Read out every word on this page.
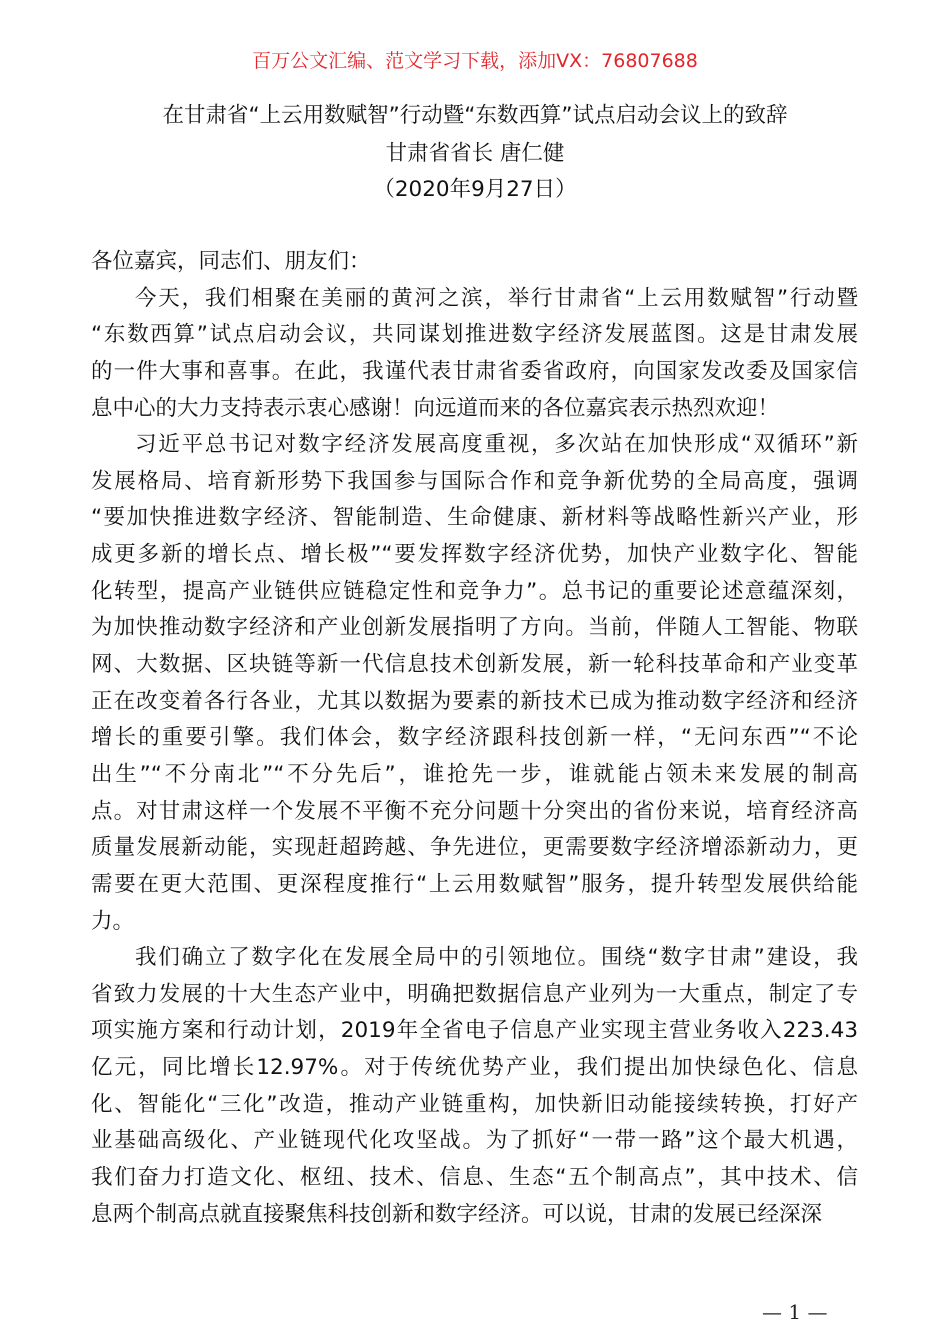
百万公文汇编、范文学习下载，添加VX：76807688
在甘肃省“上云用数赋智”行动暨“东数西算”试点启动会议上的致辞
甘肃省省长 唐仁健
（2020年9月27日）
各位嘉宾，同志们、朋友们：
今天，我们相聚在美丽的黄河之滨，举行甘肃省“上云用数赋智”行动暨
“东数西算”试点启动会议，共同谋划推进数字经济发展蓝图。这是甘肃发展
的一件大事和喜事。在此，我谨代表甘肃省委省政府，向国家发改委及国家信
息中心的大力支持表示衷心感谢！向远道而来的各位嘉宾表示热烈欢迎！
习近平总书记对数字经济发展高度重视，多次站在加快形成“双循环”新
发展格局、培育新形势下我国参与国际合作和竞争新优势的全局高度，强调
“要加快推进数字经济、智能制造、生命健康、新材料等战略性新兴产业，形
成更多新的增长点、增长极”“要发挥数字经济优势，加快产业数字化、智能
化转型，提高产业链供应链稳定性和竞争力”。总书记的重要论述意蕴深刻，
为加快推动数字经济和产业创新发展指明了方向。当前，伴随人工智能、物联
网、大数据、区块链等新一代信息技术创新发展，新一轮科技革命和产业变革
正在改变着各行各业，尤其以数据为要素的新技术已成为推动数字经济和经济
增长的重要引擎。我们体会，数字经济跟科技创新一样，“无问东西”“不论
出生”“不分南北”“不分先后”，谁抢先一步，谁就能占领未来发展的制高
点。对甘肃这样一个发展不平衡不充分问题十分突出的省份来说，培育经济高
质量发展新动能，实现赶超跨越、争先进位，更需要数字经济增添新动力，更
需要在更大范围、更深程度推行“上云用数赋智”服务，提升转型发展供给能
力。
我们确立了数字化在发展全局中的引领地位。围绕“数字甘肃”建设，我
省致力发展的十大生态产业中，明确把数据信息产业列为一大重点，制定了专
项实施方案和行动计划，2019年全省电子信息产业实现主营业务收入223.43
亿元，同比增长12.97%。对于传统优势产业，我们提出加快绿色化、信息
化、智能化“三化”改造，推动产业链重构，加快新旧动能接续转换，打好产
业基础高级化、产业链现代化攻坚战。为了抓好“一带一路”这个最大机遇，
我们奋力打造文化、枢纽、技术、信息、生态“五个制高点”，其中技术、信
息两个制高点就直接聚焦科技创新和数字经济。可以说，甘肃的发展已经深深
— 1 —
